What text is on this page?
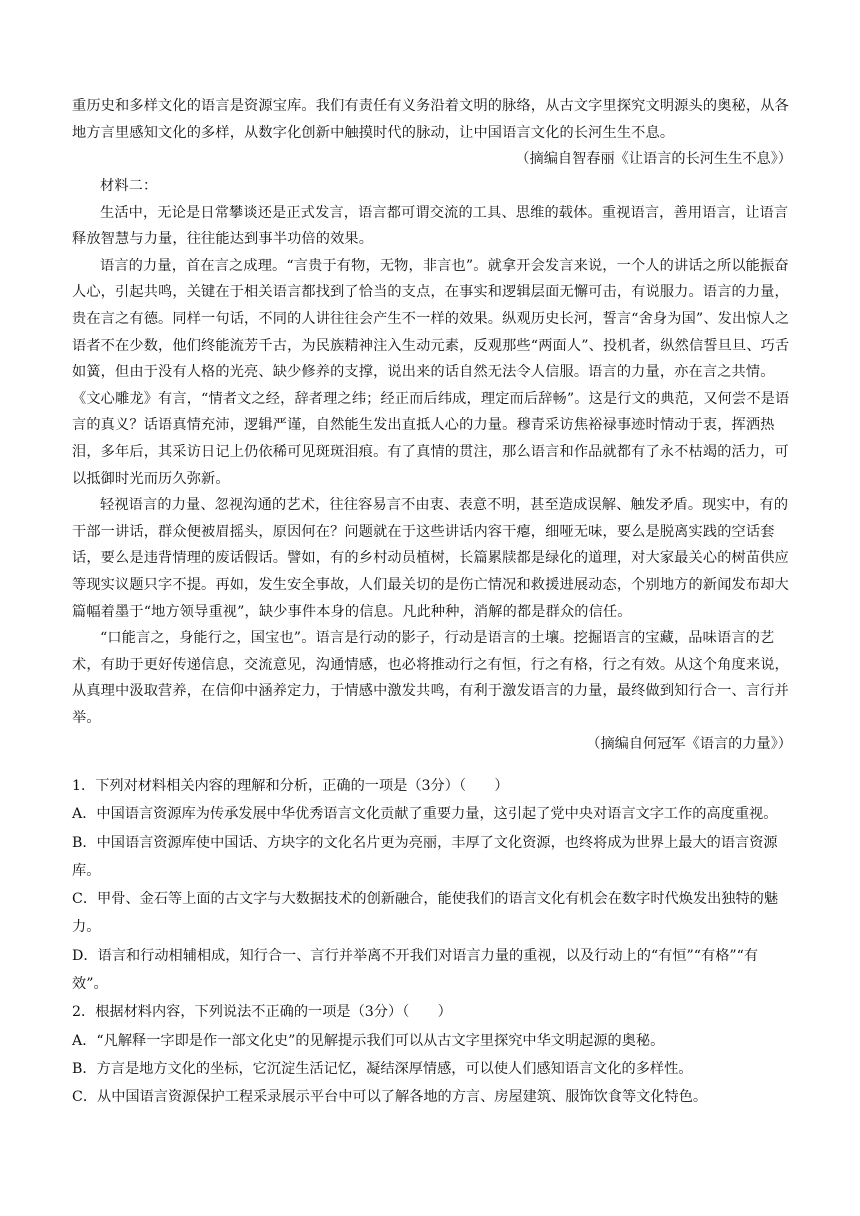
重历史和多样文化的语言是资源宝库。我们有责任有义务沿着文明的脉络，从古文字里探究文明源头的奥秘，从各地方言里感知文化的多样，从数字化创新中触摸时代的脉动，让中国语言文化的长河生生不息。

（摘编自智春丽《让语言的长河生生不息》）

材料二：

生活中，无论是日常攀谈还是正式发言，语言都可谓交流的工具、思维的载体。重视语言，善用语言，让语言释放智慧与力量，往往能达到事半功倍的效果。

语言的力量，首在言之成理。“言贵于有物，无物，非言也”。就拿开会发言来说，一个人的讲话之所以能振奋人心，引起共鸣，关键在于相关语言都找到了恰当的支点，在事实和逻辑层面无懈可击，有说服力。语言的力量，贵在言之有德。同样一句话，不同的人讲往往会产生不一样的效果。纵观历史长河，誓言“舍身为国”、发出惊人之语者不在少数，他们终能流芳千古，为民族精神注入生动元素，反观那些“两面人”、投机者，纵然信誓旦旦、巧舌如簧，但由于没有人格的光亮、缺少修养的支撑，说出来的话自然无法令人信服。语言的力量，亦在言之共情。《文心雕龙》有言，“情者文之经，辞者理之纬；经正而后纬成，理定而后辞畅”。这是行文的典范，又何尝不是语言的真义？话语真情充沛，逻辑严谨，自然能生发出直抵人心的力量。穆青采访焦裕禄事迹时情动于衷，挥洒热泪，多年后，其采访日记上仍依稀可见斑斑泪痕。有了真情的贯注，那么语言和作品就都有了永不枯竭的活力，可以抵御时光而历久弥新。

轻视语言的力量、忽视沟通的艺术，往往容易言不由衷、表意不明，甚至造成误解、触发矛盾。现实中，有的干部一讲话，群众便被眉摇头，原因何在？问题就在于这些讲话内容干瘪，细哑无味，要么是脱离实践的空话套话，要么是违背情理的废话假话。譬如，有的乡村动员植树，长篇累牍都是绿化的道理，对大家最关心的树苗供应等现实议题只字不提。再如，发生安全事故，人们最关切的是伤亡情况和救援进展动态，个别地方的新闻发布却大篇幅着墨于“地方领导重视”，缺少事件本身的信息。凡此种种，消解的都是群众的信任。

“口能言之，身能行之，国宝也”。语言是行动的影子，行动是语言的土壤。挖掘语言的宝藏，品味语言的艺术，有助于更好传递信息，交流意见，沟通情感，也必将推动行之有恒，行之有格，行之有效。从这个角度来说，从真理中汲取营养，在信仰中涵养定力，于情感中激发共鸣，有利于激发语言的力量，最终做到知行合一、言行并举。

（摘编自何冠军《语言的力量》）

1．下列对材料相关内容的理解和分析，正确的一项是（3分）（　　）

A．中国语言资源库为传承发展中华优秀语言文化贡献了重要力量，这引起了党中央对语言文字工作的高度重视。

B．中国语言资源库使中国话、方块字的文化名片更为亮丽，丰厚了文化资源，也终将成为世界上最大的语言资源库。

C．甲骨、金石等上面的古文字与大数据技术的创新融合，能使我们的语言文化有机会在数字时代焕发出独特的魅力。

D．语言和行动相辅相成，知行合一、言行并举离不开我们对语言力量的重视，以及行动上的“有恒”“有格”“有效”。

2．根据材料内容，下列说法不正确的一项是（3分）（　　）

A．“凡解释一字即是作一部文化史”的见解提示我们可以从古文字里探究中华文明起源的奥秘。

B．方言是地方文化的坐标，它沉淀生活记忆，凝结深厚情感，可以使人们感知语言文化的多样性。

C．从中国语言资源保护工程采录展示平台中可以了解各地的方言、房屋建筑、服饰饮食等文化特色。
